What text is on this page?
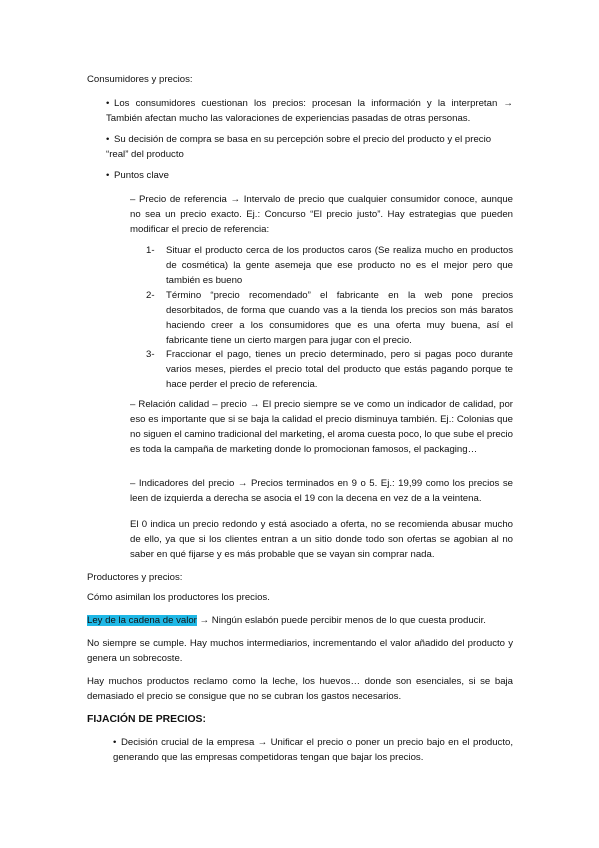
Consumidores y precios:

• Los consumidores cuestionan los precios: procesan la información y la interpretan → También afectan mucho las valoraciones de experiencias pasadas de otras personas.

• Su decisión de compra se basa en su percepción sobre el precio del producto y el precio “real” del producto

• Puntos clave

– Precio de referencia → Intervalo de precio que cualquier consumidor conoce, aunque no sea un precio exacto. Ej.: Concurso “El precio justo”. Hay estrategias que pueden modificar el precio de referencia:

1- Situar el producto cerca de los productos caros (Se realiza mucho en productos de cosmética) la gente asemeja que ese producto no es el mejor pero que también es bueno

2- Término “precio recomendado” el fabricante en la web pone precios desorbitados, de forma que cuando vas a la tienda los precios son más baratos haciendo creer a los consumidores que es una oferta muy buena, así el fabricante tiene un cierto margen para jugar con el precio.

3- Fraccionar el pago, tienes un precio determinado, pero si pagas poco durante varios meses, pierdes el precio total del producto que estás pagando porque te hace perder el precio de referencia.

– Relación calidad – precio → El precio siempre se ve como un indicador de calidad, por eso es importante que si se baja la calidad el precio disminuya también. Ej.: Colonias que no siguen el camino tradicional del marketing, el aroma cuesta poco, lo que sube el precio es toda la campaña de marketing donde lo promocionan famosos, el packaging…

– Indicadores del precio → Precios terminados en 9 o 5. Ej.: 19,99 como los precios se leen de izquierda a derecha se asocia el 19 con la decena en vez de a la veintena.

El 0 indica un precio redondo y está asociado a oferta, no se recomienda abusar mucho de ello, ya que si los clientes entran a un sitio donde todo son ofertas se agobian al no saber en qué fijarse y es más probable que se vayan sin comprar nada.

Productores y precios:

Cómo asimilan los productores los precios.

Ley de la cadena de valor → Ningún eslabón puede percibir menos de lo que cuesta producir.

No siempre se cumple. Hay muchos intermediarios, incrementando el valor añadido del producto y genera un sobrecoste.

Hay muchos productos reclamo como la leche, los huevos… donde son esenciales, si se baja demasiado el precio se consigue que no se cubran los gastos necesarios.

FIJACIÓN DE PRECIOS:

• Decisión crucial de la empresa → Unificar el precio o poner un precio bajo en el producto, generando que las empresas competidoras tengan que bajar los precios.
